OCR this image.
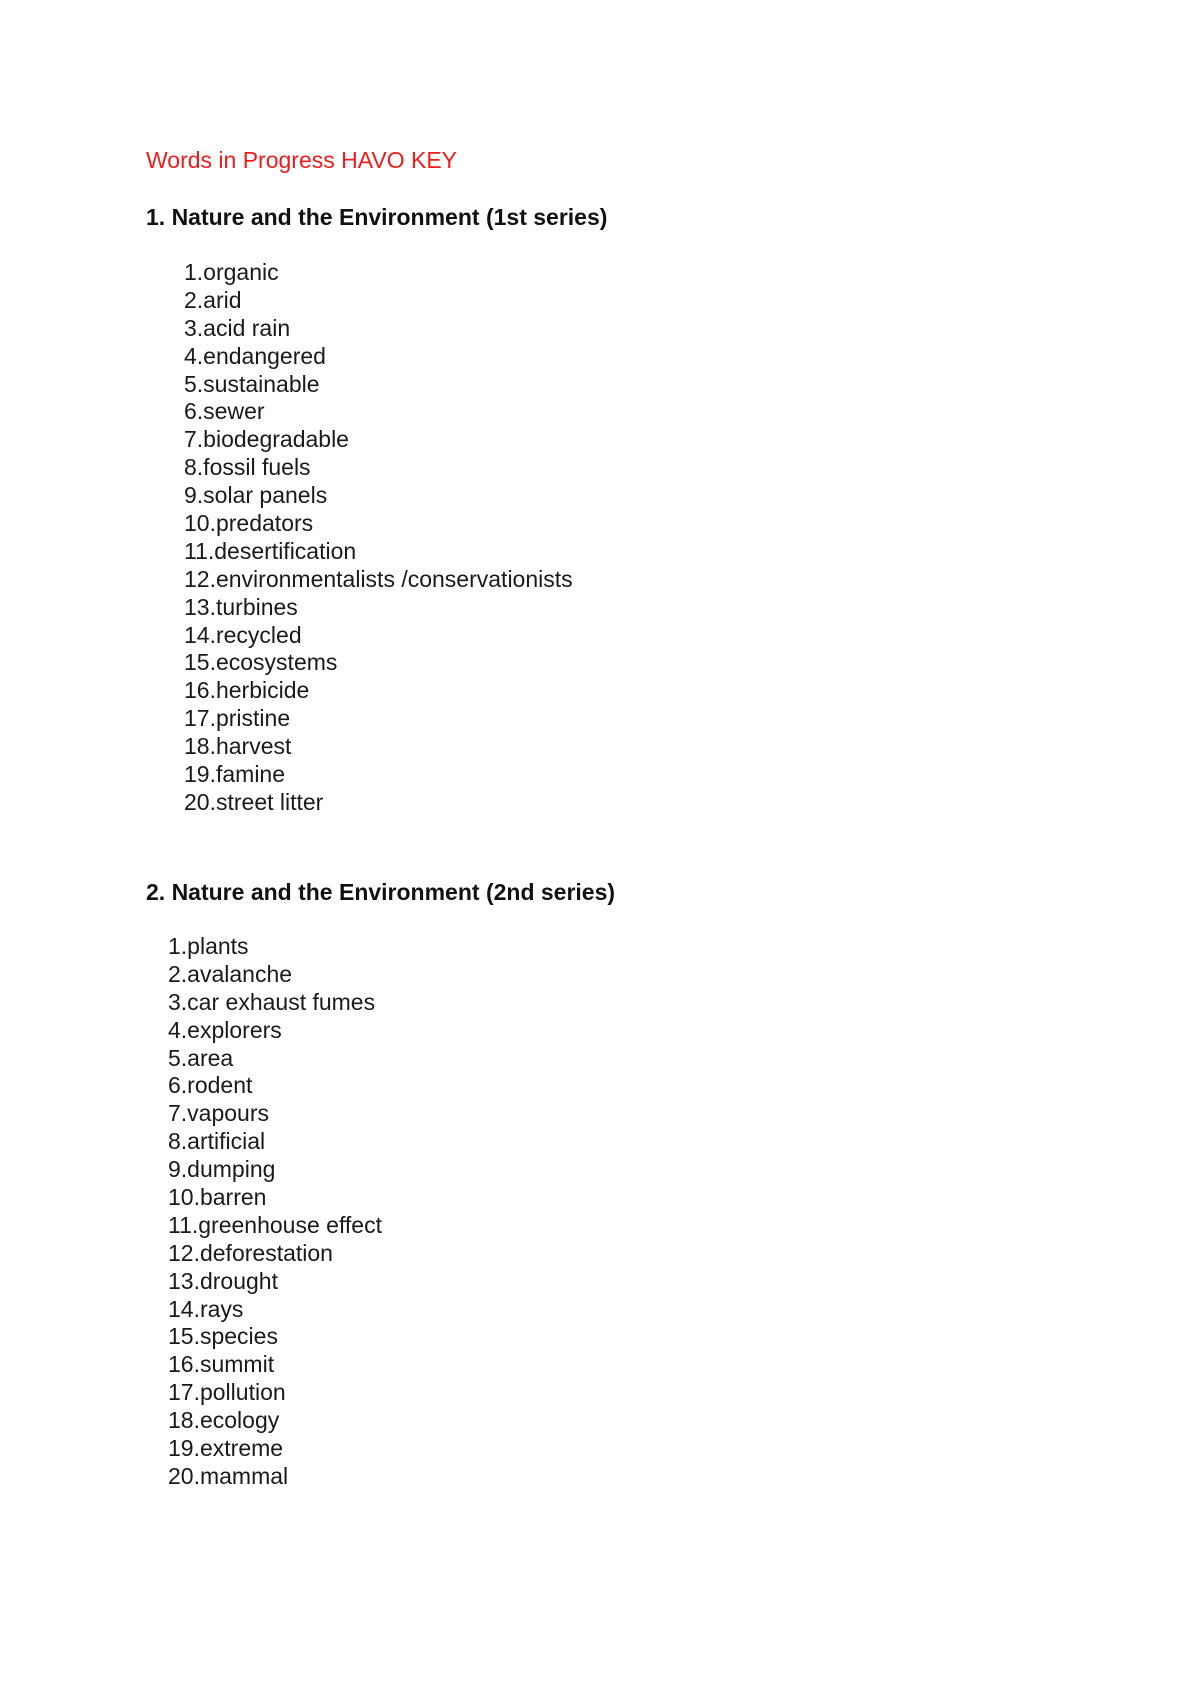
Words in Progress HAVO KEY
1. Nature and the Environment (1st series)
1.organic
2.arid
3.acid rain
4.endangered
5.sustainable
6.sewer
7.biodegradable
8.fossil fuels
9.solar panels
10.predators
11.desertification
12.environmentalists /conservationists
13.turbines
14.recycled
15.ecosystems
16.herbicide
17.pristine
18.harvest
19.famine
20.street litter
2. Nature and the Environment (2nd series)
1.plants
2.avalanche
3.car exhaust fumes
4.explorers
5.area
6.rodent
7.vapours
8.artificial
9.dumping
10.barren
11.greenhouse effect
12.deforestation
13.drought
14.rays
15.species
16.summit
17.pollution
18.ecology
19.extreme
20.mammal
